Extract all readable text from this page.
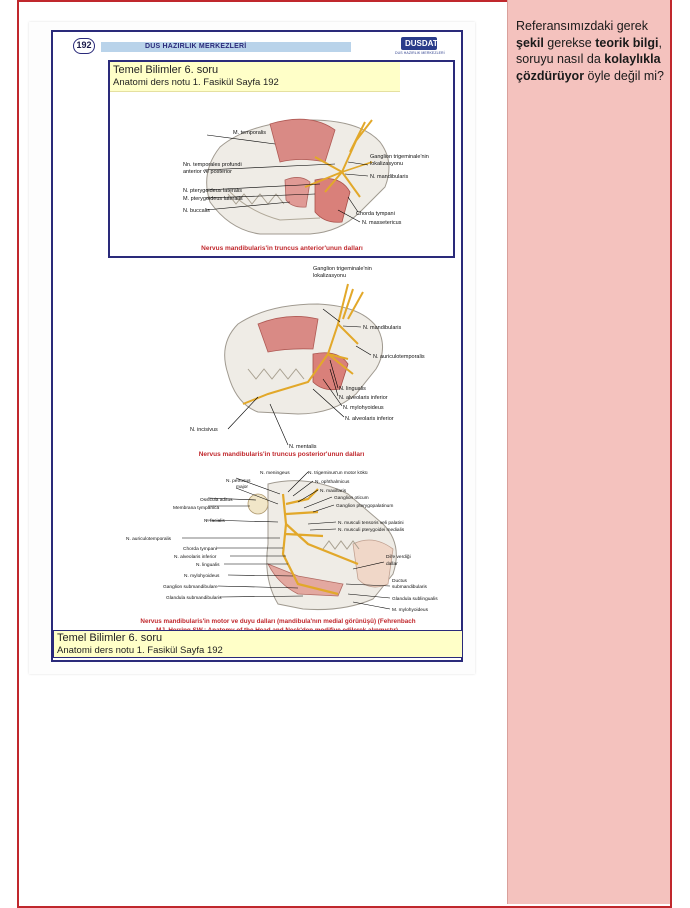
192	DUS HAZIRLIK MERKEZLERİ	DUSDATA
DUS HAZIRLIK MERKEZLERİ
Temel Bilimler 6. soru
Anatomi ders notu 1. Fasikül Sayfa 192
M. temporalis
Ganglion trigeminale'nin
lokalizasyonu
Nn. temporales profundi
anterior ve posterior
N. mandibularis
N. pterygoideus lateralis
M. pterygoideus lateralis
N. buccalis	Chorda tympani
N. massetericus
Nervus mandibularis'in truncus anterior'unun dalları
Ganglion trigeminale'nin
lokalizasyonu
N. mandibularis
N. auriculotemporalis
N. lingualis
N. alveolaris inferior
N. mylohyoideus
N. alveolaris inferior
N. incisivus
N. mentalis
Nervus mandibularis'in truncus posterior'unun dalları
N. meningeus	N. trigeminus'un motor kökü
N. petrosus
major
N. ophthalmicus
N. maxillaris
Ossicula aditus
Membrana tympanica
Ganglion oticum
Ganglion pterygopalatinum
N. facialis	N. musculi tensoris veli palatini
N. musculi pterygoidei medialis
N. auriculotemporalis
Chorda tympani
N. alveolaris inferior
N. lingualis
Dil'e verdiği
dallar
N. mylohyoideus
Ganglion submandibulare
Ductus
submandibularis
Glandula submandibularis	Glandula sublingualis
M. mylohyoideus
Nervus mandibularis'in motor ve duyu dalları (mandibula'nın medial görünüşü) (Fehrenbach
Temel Bilimler 6. soru
Anatomi ders notu 1. Fasikül Sayfa 192
Referansımızdaki gerek şekil gerekse teorik bilgi, soruyu nasıl da kolaylıkla çözdürüyor öyle değil mi?
